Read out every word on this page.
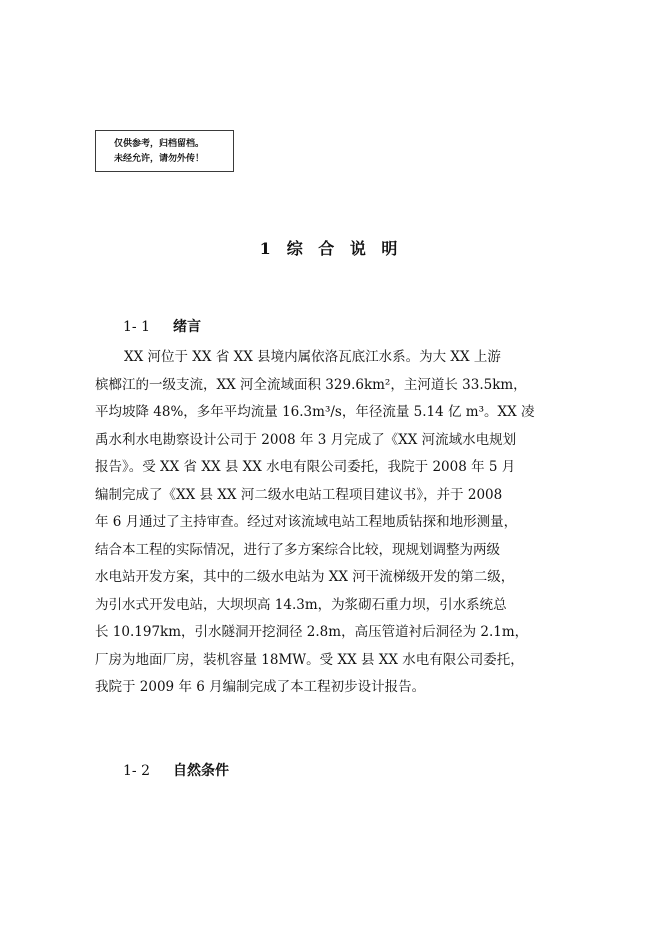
仅供参考，归档留档。
未经允许，请勿外传！
1 综 合 说 明
1- 1 绪言
XX 河位于 XX 省 XX 县境内属依洛瓦底江水系。为大 XX 上游
槟榔江的一级支流，XX 河全流域面积 329.6km²，主河道长 33.5km，
平均坡降 48%，多年平均流量 16.3m³/s，年径流量 5.14 亿 m³。XX 凌
禹水利水电勘察设计公司于 2008 年 3 月完成了《XX 河流域水电规划
报告》。受 XX 省 XX 县 XX 水电有限公司委托，我院于 2008 年 5 月
编制完成了《XX 县 XX 河二级水电站工程项目建议书》，并于 2008
年 6 月通过了主持审查。经过对该流域电站工程地质钻探和地形测量，
结合本工程的实际情况，进行了多方案综合比较，现规划调整为两级
水电站开发方案，其中的二级水电站为 XX 河干流梯级开发的第二级，
为引水式开发电站，大坝坝高 14.3m，为浆砌石重力坝，引水系统总
长 10.197km，引水隧洞开挖洞径 2.8m，高压管道衬后洞径为 2.1m，
厂房为地面厂房，装机容量 18MW。受 XX 县 XX 水电有限公司委托，
我院于 2009 年 6 月编制完成了本工程初步设计报告。
1- 2 自然条件
